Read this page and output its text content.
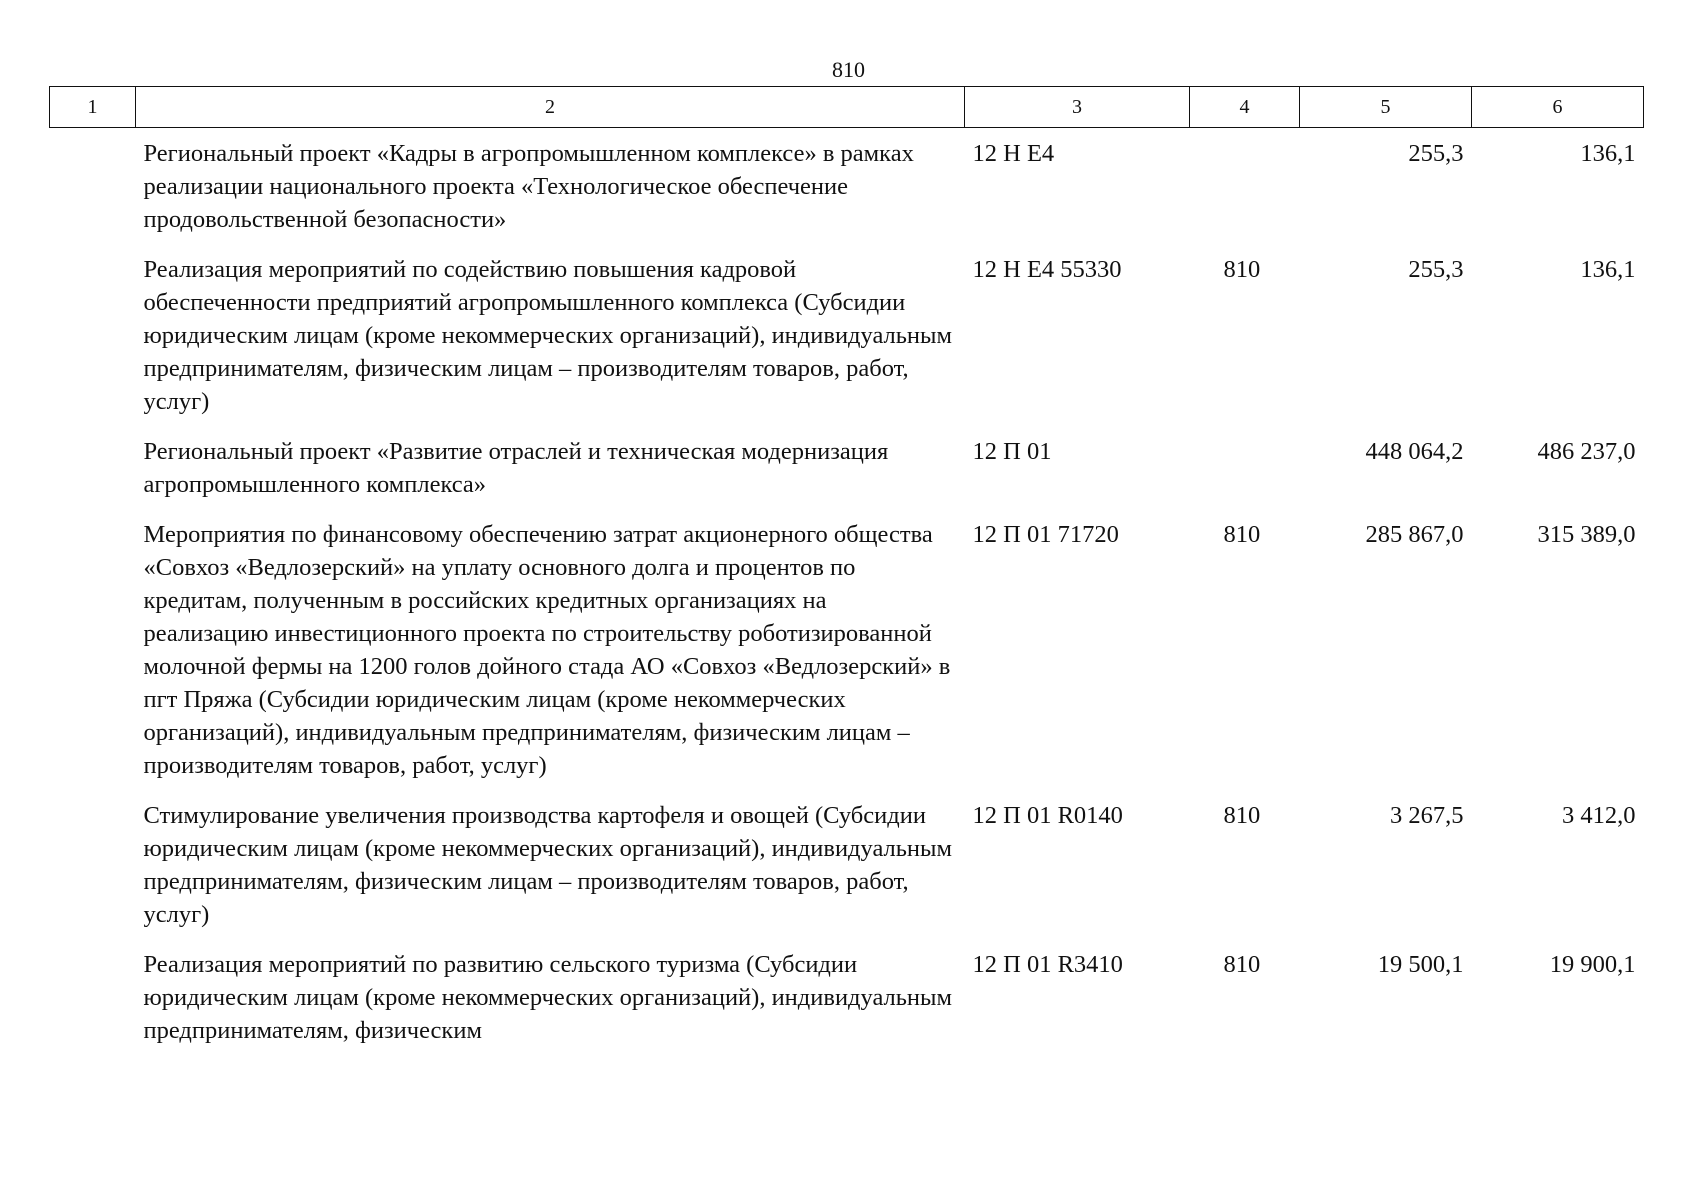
810
1	2	3	4	5	6
	Региональный проект «Кадры в агропромышленном комплексе» в рамках реализации национального проекта «Технологическое обеспечение продовольственной безопасности»	12 Н Е4		255,3	136,1
	Реализация мероприятий по содействию повышения кадровой обеспеченности предприятий агропромышленного комплекса (Субсидии юридическим лицам (кроме некоммерческих организаций), индивидуальным предпринимателям, физическим лицам – производителям товаров, работ, услуг)	12 Н Е4 55330	810	255,3	136,1
	Региональный проект «Развитие отраслей и техническая модернизация агропромышленного комплекса»	12 П 01		448 064,2	486 237,0
	Мероприятия по финансовому обеспечению затрат акционерного общества «Совхоз «Ведлозерский» на уплату основного долга и процентов по кредитам, полученным в российских кредитных организациях на реализацию инвестиционного проекта по строительству роботизированной молочной фермы на 1200 голов дойного стада АО «Совхоз «Ведлозерский» в пгт Пряжа (Субсидии юридическим лицам (кроме некоммерческих организаций), индивидуальным предпринимателям, физическим лицам – производителям товаров, работ, услуг)	12 П 01 71720	810	285 867,0	315 389,0
	Стимулирование увеличения производства картофеля и овощей (Субсидии юридическим лицам (кроме некоммерческих организаций), индивидуальным предпринимателям, физическим лицам – производителям товаров, работ, услуг)	12 П 01 R0140	810	3 267,5	3 412,0
	Реализация мероприятий по развитию сельского туризма (Субсидии юридическим лицам (кроме некоммерческих организаций), индивидуальным предпринимателям, физическим	12 П 01 R3410	810	19 500,1	19 900,1
